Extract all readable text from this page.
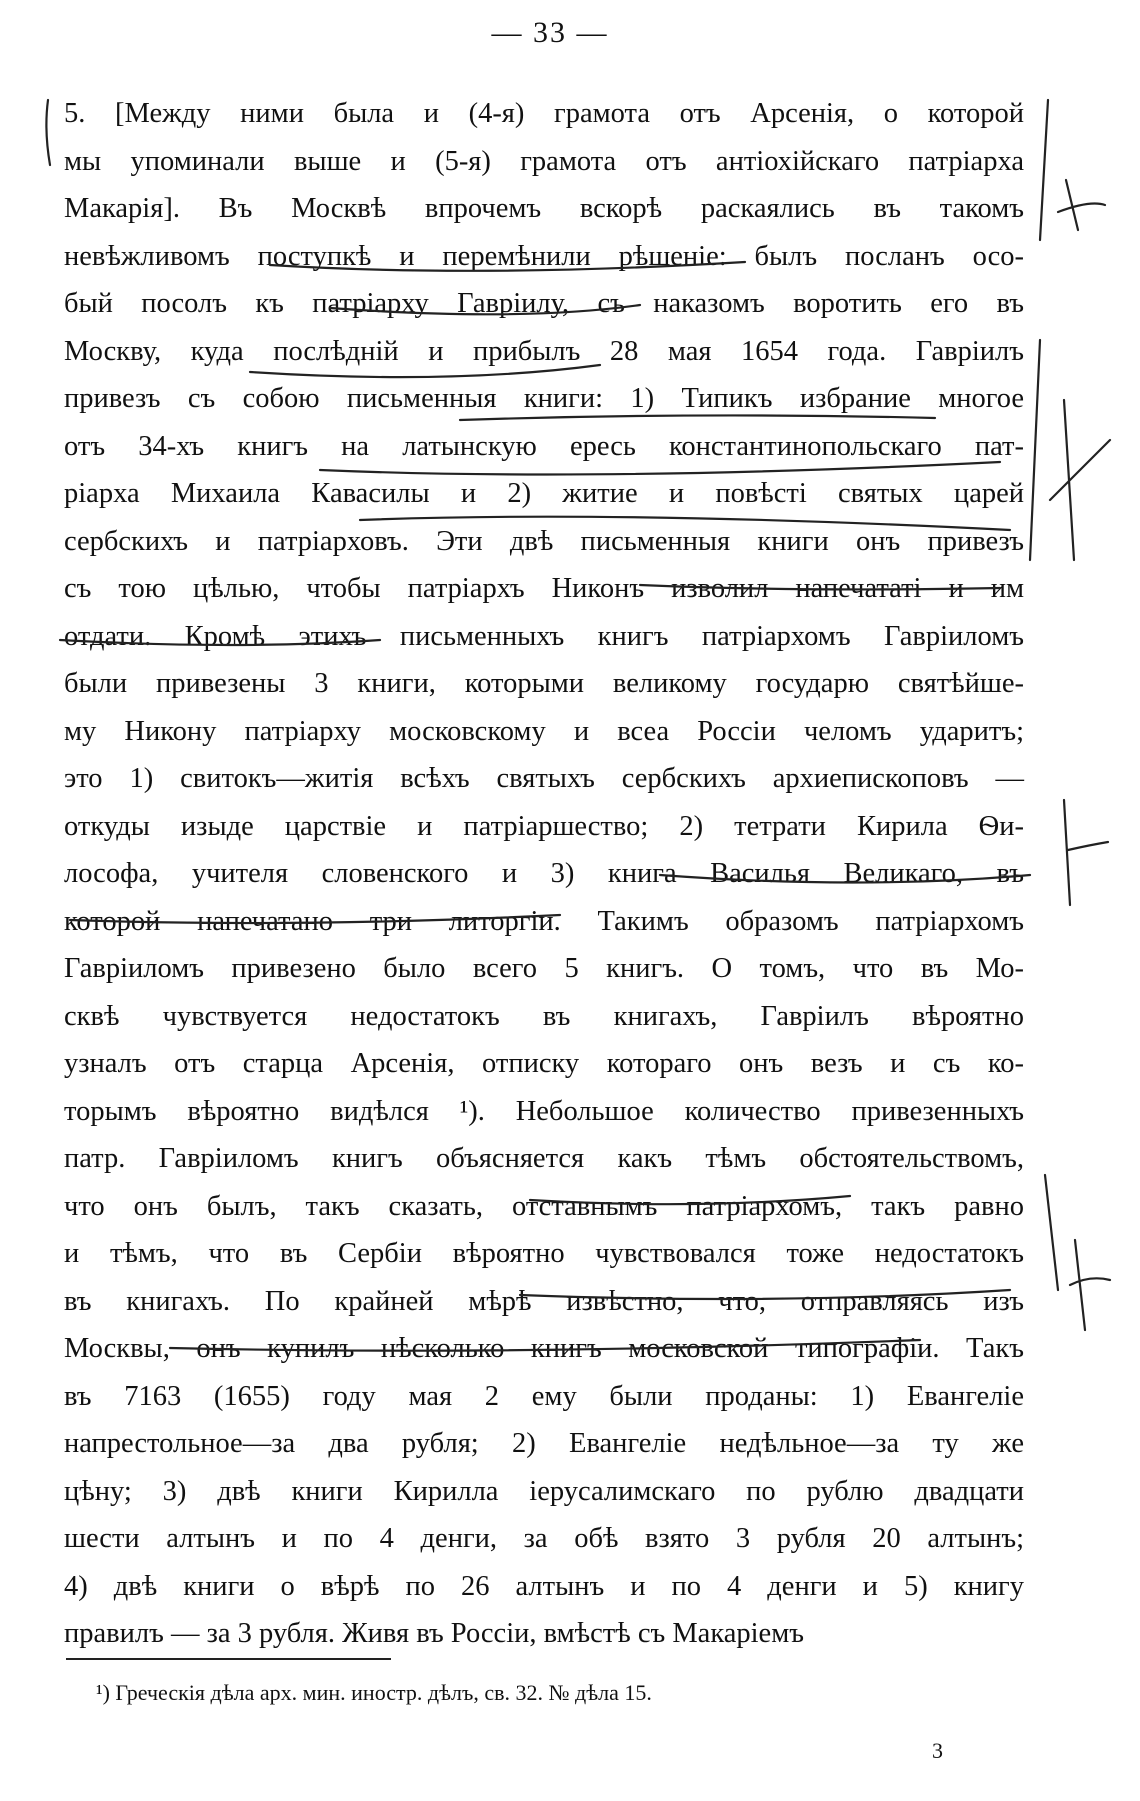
— 33 —
5. [Между ними была и (4-я) грамота отъ Арсенія, о которой
мы упоминали выше и (5-я) грамота отъ антіохійскаго патріарха
Макарія]. Въ Москвѣ впрочемъ вскорѣ раскаялись въ такомъ
невѣжливомъ поступкѣ и перемѣнили рѣшеніе: былъ посланъ осо-
бый посолъ къ патріарху Гавріилу, съ наказомъ воротить его въ
Москву, куда послѣдній и прибылъ 28 мая 1654 года. Гавріилъ
привезъ съ собою письменныя книги: 1) Типикъ избрание многое
отъ 34-хъ книгъ на латынскую ересь константинопольскаго пат-
ріарха Михаила Кавасилы и 2) житие и повѣсті святых царей
сербскихъ и патріарховъ. Эти двѣ письменныя книги онъ привезъ
съ тою цѣлью, чтобы патріархъ Никонъ изволил напечататі и им
отдати. Кромѣ этихъ письменныхъ книгъ патріархомъ Гавріиломъ
были привезены 3 книги, которыми великому государю святѣйше-
му Никону патріарху московскому и всеа Россіи челомъ ударитъ;
это 1) свитокъ—житія всѣхъ святыхъ сербскихъ архиепископовъ —
откуды изыде царствіе и патріаршество; 2) тетрати Кирила Ѳи-
лософа, учителя словенского и 3) книга Василья Великаго, въ
которой напечатано три литоргіи. Такимъ образомъ патріархомъ
Гавріиломъ привезено было всего 5 книгъ. О томъ, что въ Мо-
сквѣ чувствуется недостатокъ въ книгахъ, Гавріилъ вѣроятно
узналъ отъ старца Арсенія, отписку котораго онъ везъ и съ ко-
торымъ вѣроятно видѣлся ¹). Небольшое количество привезенныхъ
патр. Гавріиломъ книгъ объясняется какъ тѣмъ обстоятельствомъ,
что онъ былъ, такъ сказать, отставнымъ патріархомъ, такъ равно
и тѣмъ, что въ Сербіи вѣроятно чувствовался тоже недостатокъ
въ книгахъ. По крайней мѣрѣ извѣстно, что, отправляясь изъ
Москвы, онъ купилъ нѣсколько книгъ московской типографіи. Такъ
въ 7163 (1655) году мая 2 ему были проданы: 1) Евангеліе
напрестольное—за два рубля; 2) Евангеліе недѣльное—за ту же
цѣну; 3) двѣ книги Кирилла іерусалимскаго по рублю двадцати
шести алтынъ и по 4 денги, за обѣ взято 3 рубля 20 алтынъ;
4) двѣ книги о вѣрѣ по 26 алтынъ и по 4 денги и 5) книгу
правилъ — за 3 рубля. Живя въ Россіи, вмѣстѣ съ Макаріемъ
¹) Греческія дѣла арх. мин. иностр. дѣлъ, св. 32. № дѣла 15.
3
